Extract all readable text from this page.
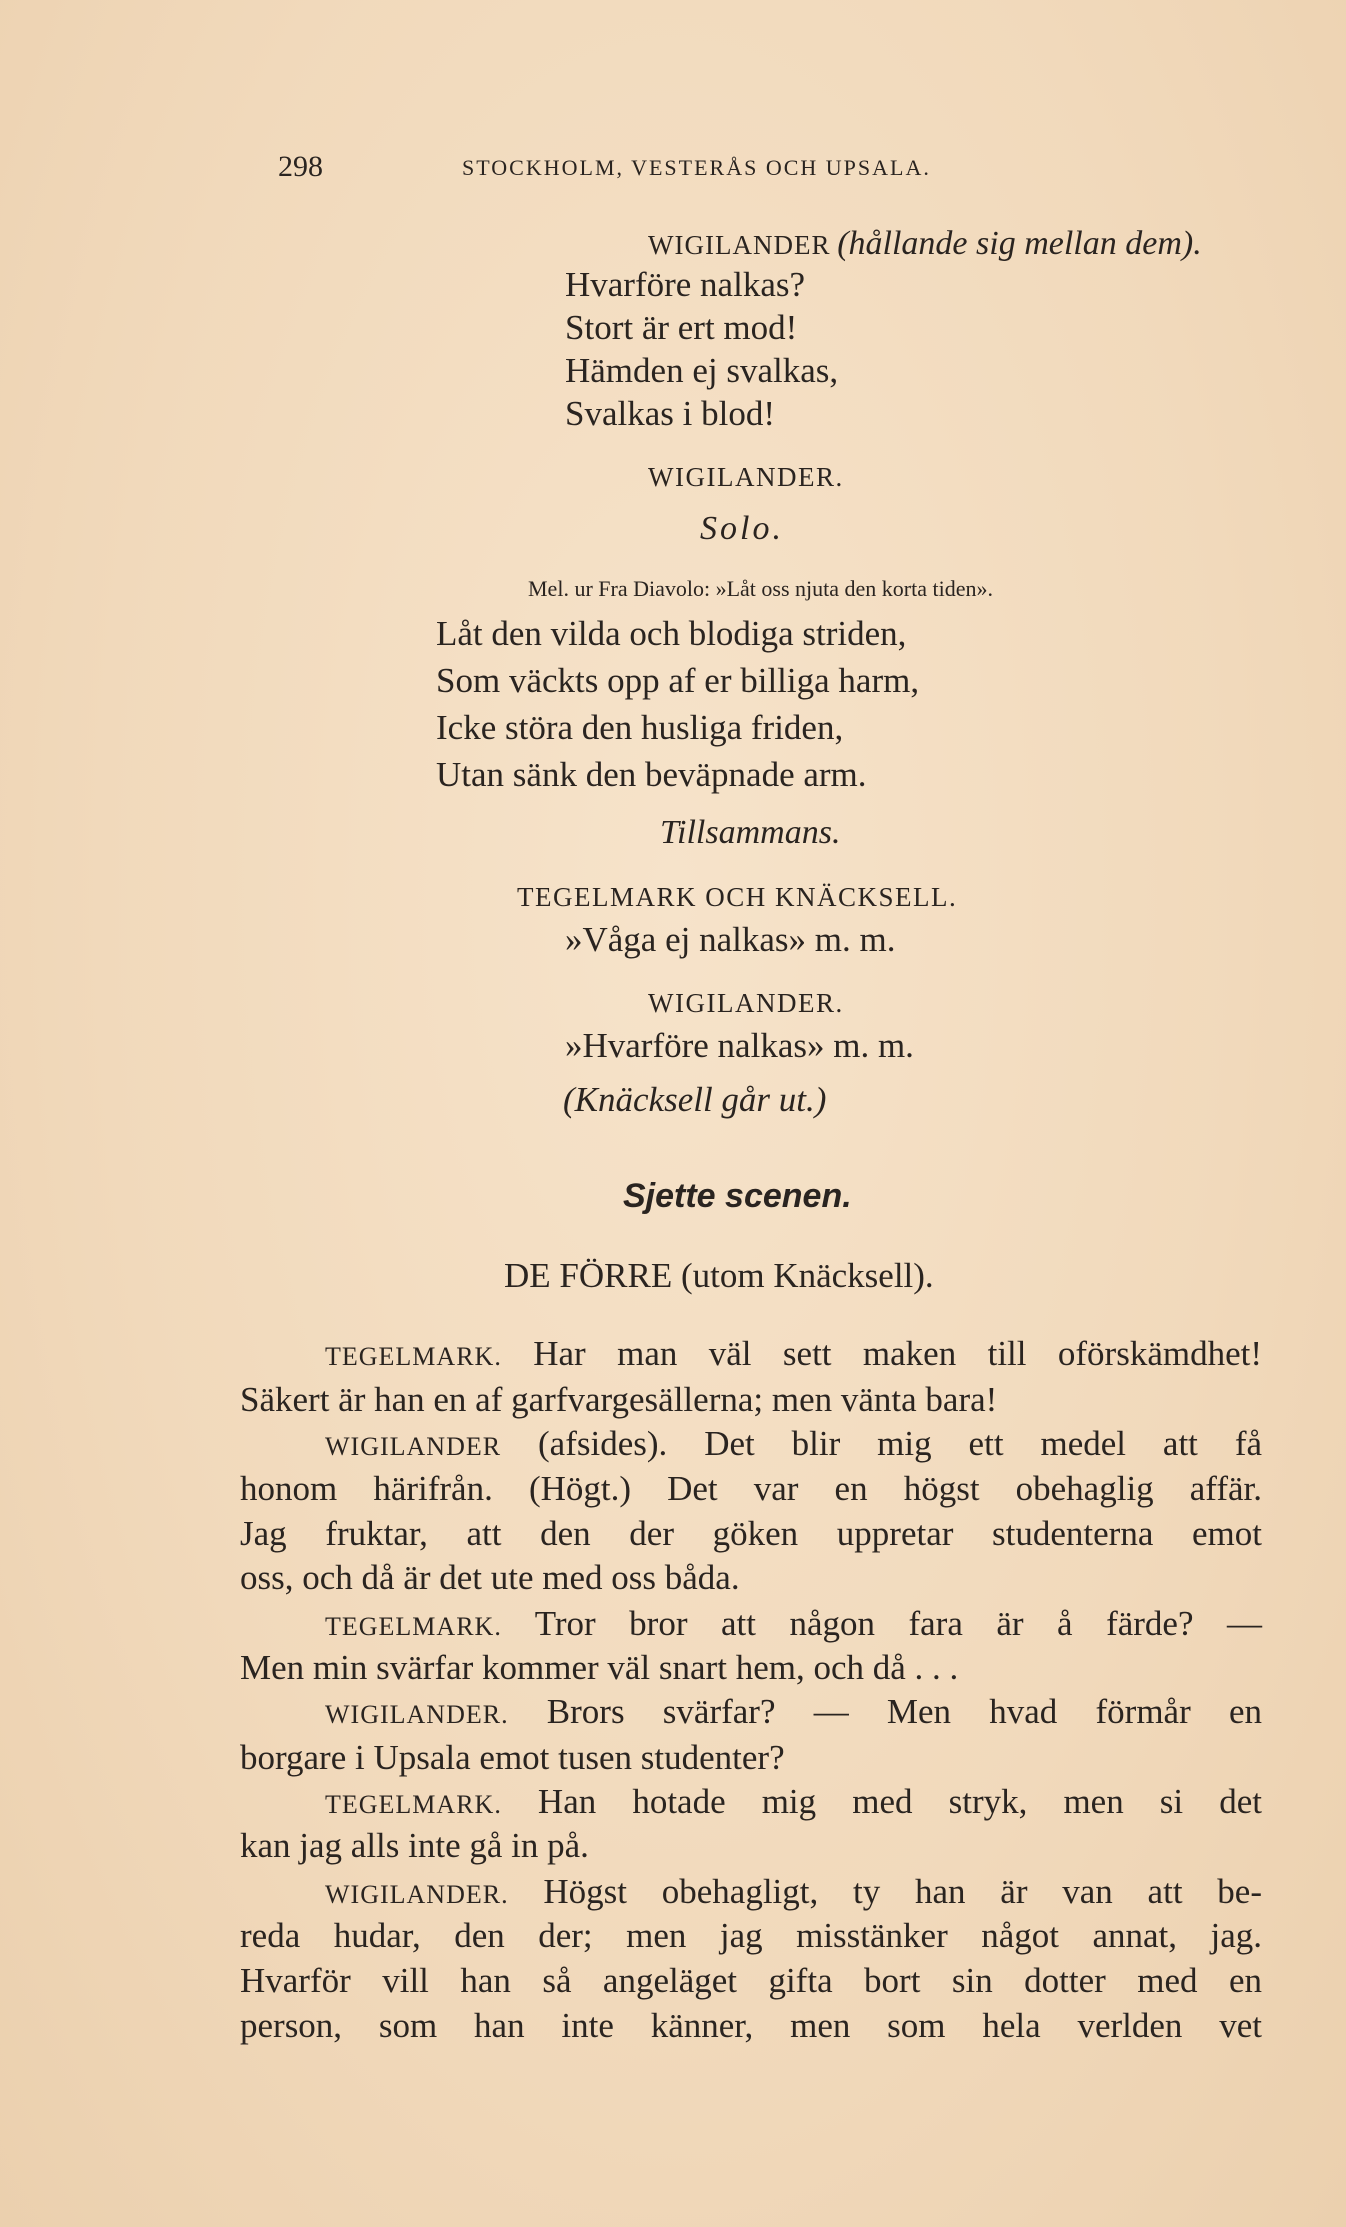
298	STOCKHOLM, VESTERÅS OCH UPSALA.
WIGILANDER (hållande sig mellan dem).
Hvarföre nalkas?
Stort är ert mod!
Hämden ej svalkas,
Svalkas i blod!
WIGILANDER.
Solo.
Mel. ur Fra Diavolo: »Låt oss njuta den korta tiden».
Låt den vilda och blodiga striden,
Som väckts opp af er billiga harm,
Icke störa den husliga friden,
Utan sänk den beväpnade arm.
Tillsammans.
TEGELMARK OCH KNÄCKSELL.
»Våga ej nalkas» m. m.
WIGILANDER.
»Hvarföre nalkas» m. m.
(Knäcksell går ut.)
Sjette scenen.
DE FÖRRE (utom Knäcksell).
TEGELMARK. Har man väl sett maken till oförskämdhet!
Säkert är han en af garfvargesällerna; men vänta bara!
WIGILANDER (afsides). Det blir mig ett medel att få
honom härifrån. (Högt.) Det var en högst obehaglig affär.
Jag fruktar, att den der göken uppretar studenterna emot
oss, och då är det ute med oss båda.
TEGELMARK. Tror bror att någon fara är å färde? —
Men min svärfar kommer väl snart hem, och då . . .
WIGILANDER. Brors svärfar? — Men hvad förmår en
borgare i Upsala emot tusen studenter?
TEGELMARK. Han hotade mig med stryk, men si det
kan jag alls inte gå in på.
WIGILANDER. Högst obehagligt, ty han är van att be-
reda hudar, den der; men jag misstänker något annat, jag.
Hvarför vill han så angeläget gifta bort sin dotter med en
person, som han inte känner, men som hela verlden vet
